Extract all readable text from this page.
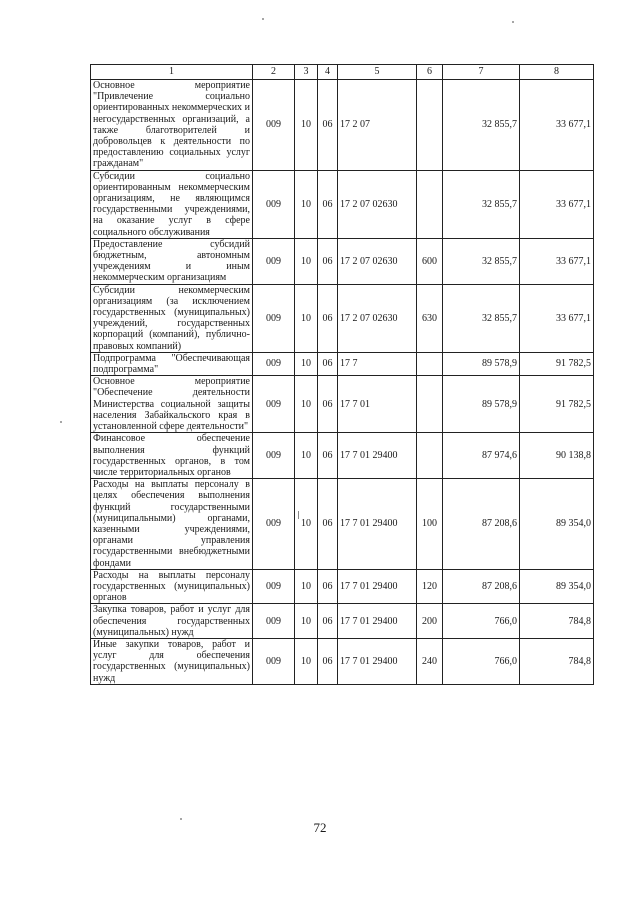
1	2	3	4	5	6	7	8
Основное мероприятие "Привлечение социально ориентированных некоммерческих и негосударственных организаций, а также благотворителей и добровольцев к деятельности по предоставлению социальных услуг гражданам"	009	10	06	17 2 07		32 855,7	33 677,1
Субсидии социально ориентированным некоммерческим организациям, не являющимся государственными учреждениями, на оказание услуг в сфере социального обслуживания	009	10	06	17 2 07 02630		32 855,7	33 677,1
Предоставление субсидий бюджетным, автономным учреждениям и иным некоммерческим организациям	009	10	06	17 2 07 02630	600	32 855,7	33 677,1
Субсидии некоммерческим организациям (за исключением государственных (муниципальных) учреждений, государственных корпораций (компаний), публично-правовых компаний)	009	10	06	17 2 07 02630	630	32 855,7	33 677,1
Подпрограмма "Обеспечивающая подпрограмма"	009	10	06	17 7		89 578,9	91 782,5
Основное мероприятие "Обеспечение деятельности Министерства социальной защиты населения Забайкальского края в установленной сфере деятельности"	009	10	06	17 7 01		89 578,9	91 782,5
Финансовое обеспечение выполнения функций государственных органов, в том числе территориальных органов	009	10	06	17 7 01 29400		87 974,6	90 138,8
Расходы на выплаты персоналу в целях обеспечения выполнения функций государственными (муниципальными) органами, казенными учреждениями, органами управления государственными внебюджетными фондами	009	10	06	17 7 01 29400	100	87 208,6	89 354,0
Расходы на выплаты персоналу государственных (муниципальных) органов	009	10	06	17 7 01 29400	120	87 208,6	89 354,0
Закупка товаров, работ и услуг для обеспечения государственных (муниципальных) нужд	009	10	06	17 7 01 29400	200	766,0	784,8
Иные закупки товаров, работ и услуг для обеспечения государственных (муниципальных) нужд	009	10	06	17 7 01 29400	240	766,0	784,8
72
